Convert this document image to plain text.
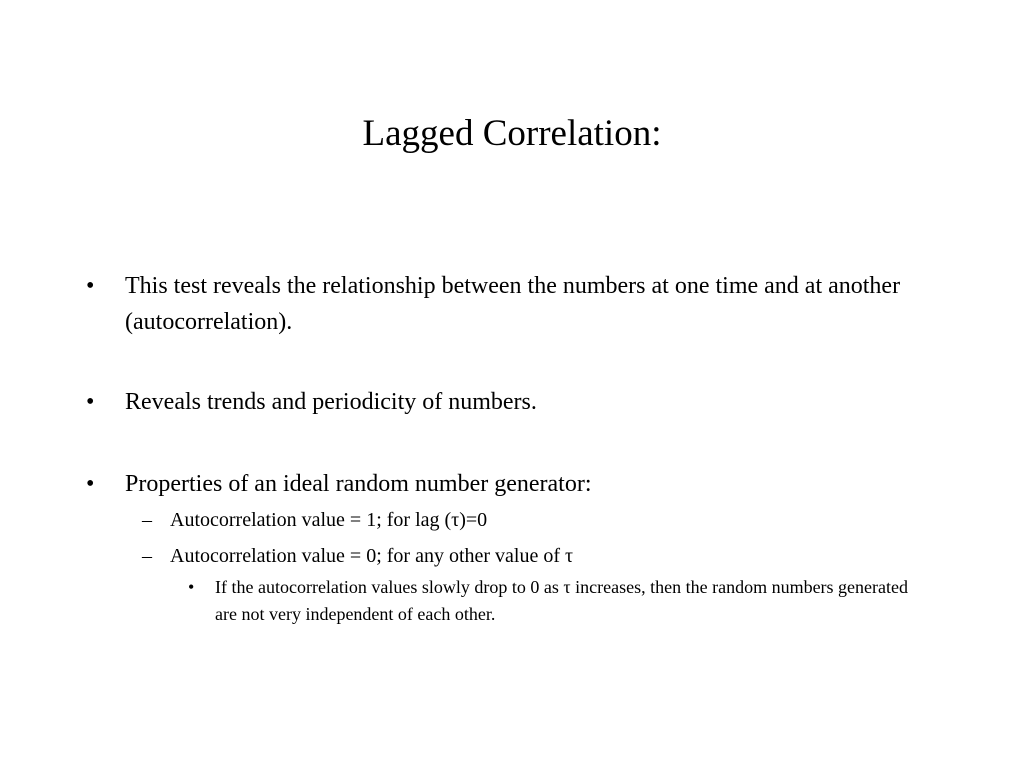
Lagged Correlation:
• This test reveals the relationship between the numbers at one time and at another (autocorrelation).
• Reveals trends and periodicity of numbers.
• Properties of an ideal random number generator:
– Autocorrelation value = 1; for lag (τ)=0
– Autocorrelation value = 0; for any other value of τ
• If the autocorrelation values slowly drop to 0 as τ increases, then the random numbers generated are not very independent of each other.
